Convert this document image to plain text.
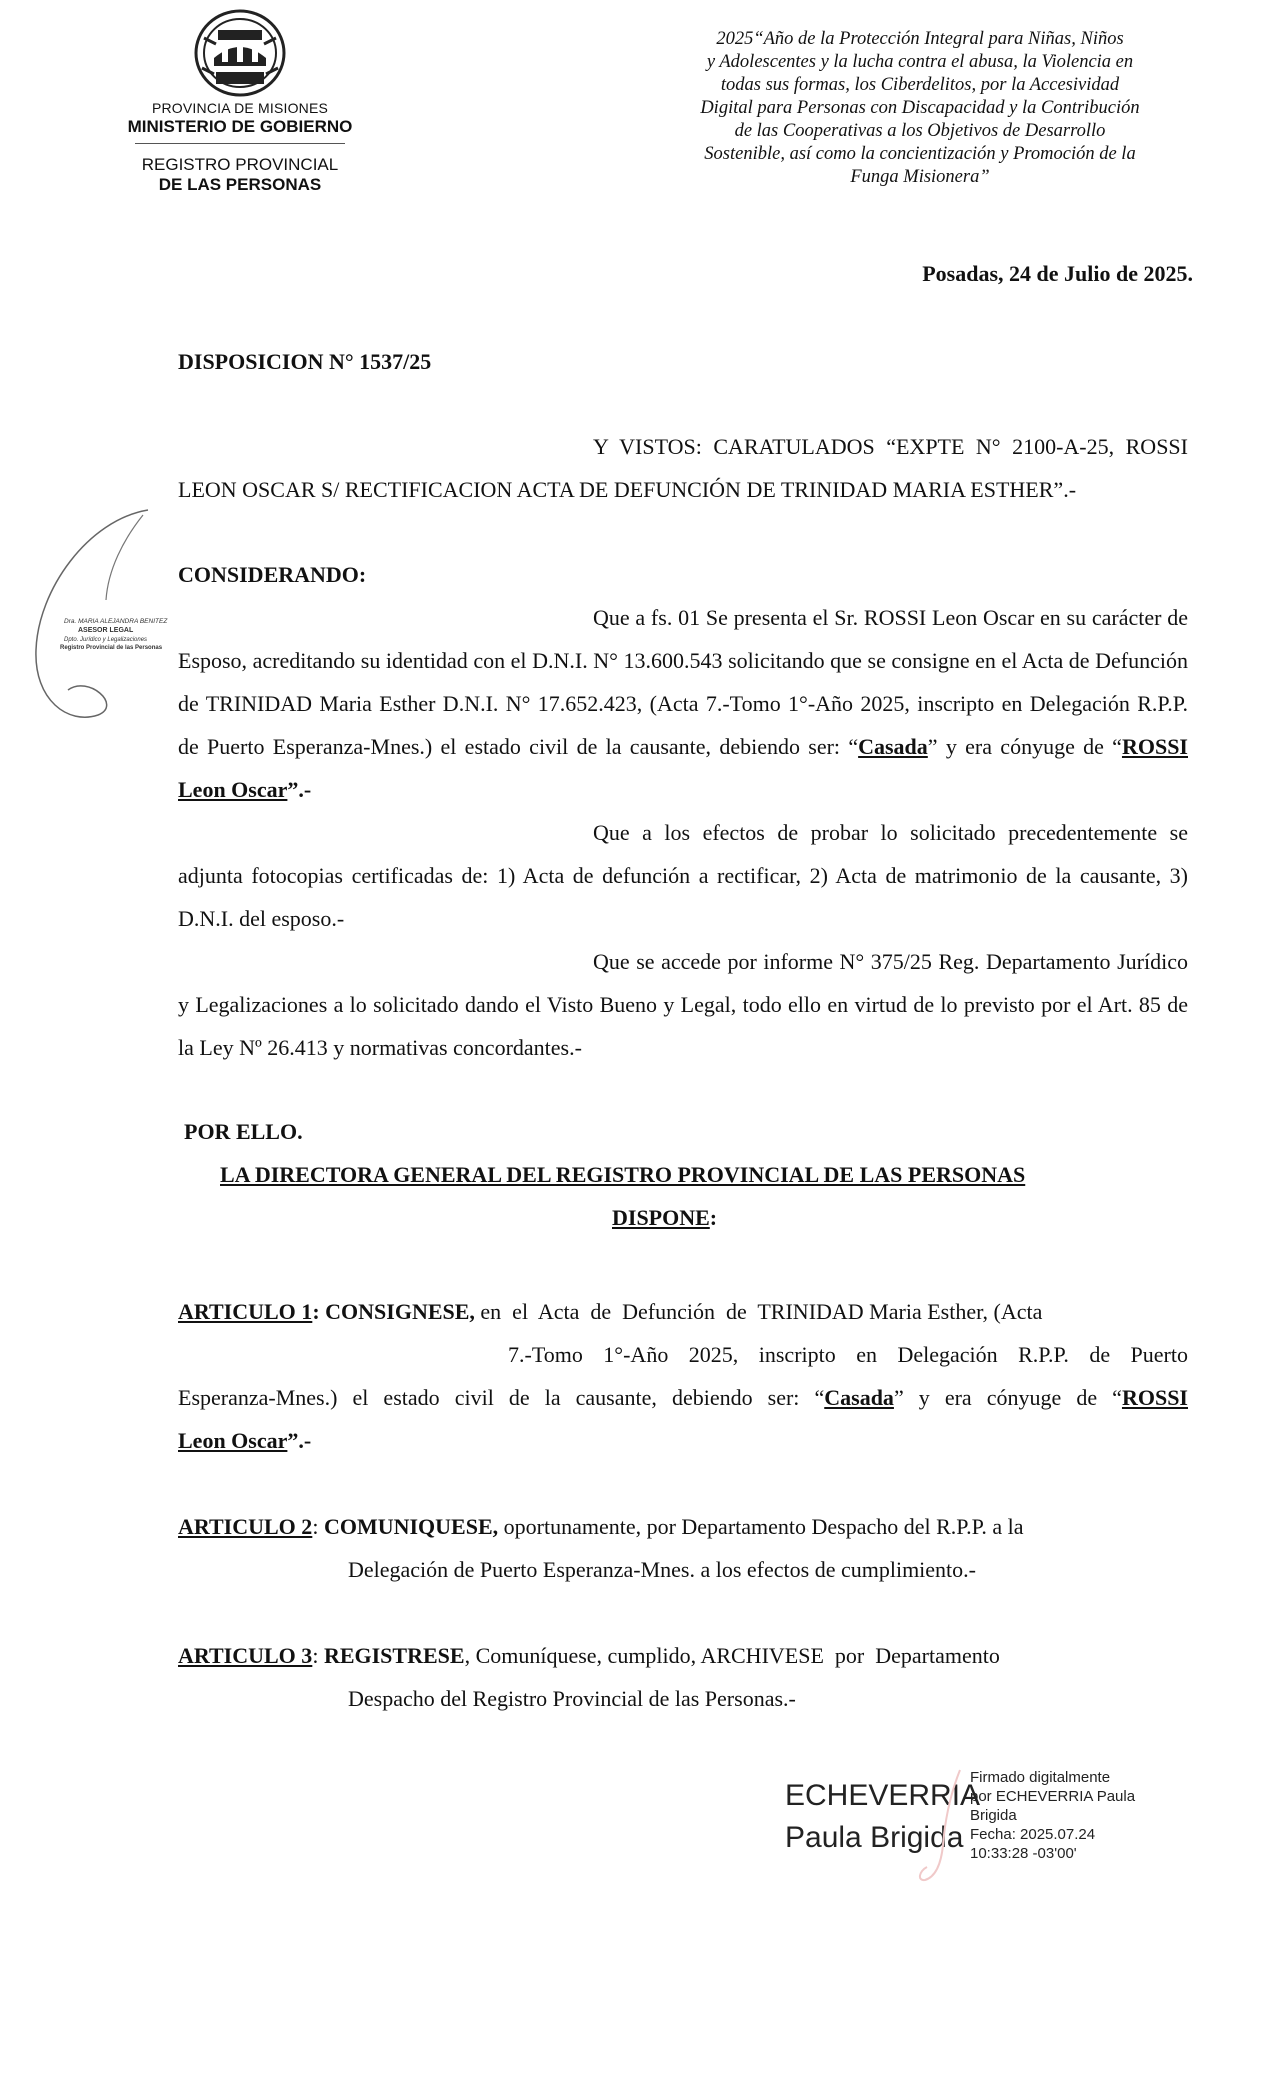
PROVINCIA DE MISIONES
MINISTERIO DE GOBIERNO
REGISTRO PROVINCIAL
DE LAS PERSONAS
2025“Año de la Protección Integral para Niñas, Niños
y Adolescentes y la lucha contra el abusa, la Violencia en
todas sus formas, los Ciberdelitos, por la Accesividad
Digital para Personas con Discapacidad y la Contribución
de las Cooperativas a los Objetivos de Desarrollo
Sostenible, así como la concientización y Promoción de la
Funga Misionera”
Posadas, 24 de Julio de 2025.
DISPOSICION N° 1537/25
Y VISTOS: CARATULADOS “EXPTE N° 2100-A-25, ROSSI LEON OSCAR S/ RECTIFICACION ACTA DE DEFUNCIÓN DE TRINIDAD MARIA ESTHER”.-
CONSIDERANDO:
Que a fs. 01 Se presenta el Sr. ROSSI Leon Oscar en su carácter de Esposo, acreditando su identidad con el D.N.I. N° 13.600.543 solicitando que se consigne en el Acta de Defunción de TRINIDAD Maria Esther D.N.I. N° 17.652.423, (Acta 7.-Tomo 1°-Año 2025, inscripto en Delegación R.P.P. de Puerto Esperanza-Mnes.) el estado civil de la causante, debiendo ser: “Casada” y era cónyuge de “ROSSI Leon Oscar”.-
Que a los efectos de probar lo solicitado precedentemente se adjunta fotocopias certificadas de: 1) Acta de defunción a rectificar, 2) Acta de matrimonio de la causante, 3) D.N.I. del esposo.-
Que se accede por informe N° 375/25 Reg. Departamento Jurídico y Legalizaciones a lo solicitado dando el Visto Bueno y Legal, todo ello en virtud de lo previsto por el Art. 85 de la Ley Nº 26.413 y normativas concordantes.-
POR ELLO.
LA DIRECTORA GENERAL DEL REGISTRO PROVINCIAL DE LAS PERSONAS
DISPONE:
ARTICULO 1: CONSIGNESE, en  el  Acta  de  Defunción  de  TRINIDAD Maria Esther, (Acta
7.-Tomo 1°-Año 2025, inscripto en Delegación R.P.P. de Puerto
Esperanza-Mnes.) el estado civil de la causante, debiendo ser: “Casada” y era cónyuge de “ROSSI
Leon Oscar”.-
ARTICULO 2: COMUNIQUESE, oportunamente, por Departamento Despacho del R.P.P. a la
Delegación de Puerto Esperanza-Mnes. a los efectos de cumplimiento.-
ARTICULO 3: REGISTRESE, Comuníquese, cumplido, ARCHIVESE  por  Departamento
Despacho del Registro Provincial de las Personas.-
Dra. MARIA ALEJANDRA BENITEZ
ASESOR LEGAL
Dpto. Jurídico y Legalizaciones
Registro Provincial de las Personas
ECHEVERRIA
Paula Brigida
Firmado digitalmente
por ECHEVERRIA Paula
Brigida
Fecha: 2025.07.24
10:33:28 -03'00'
